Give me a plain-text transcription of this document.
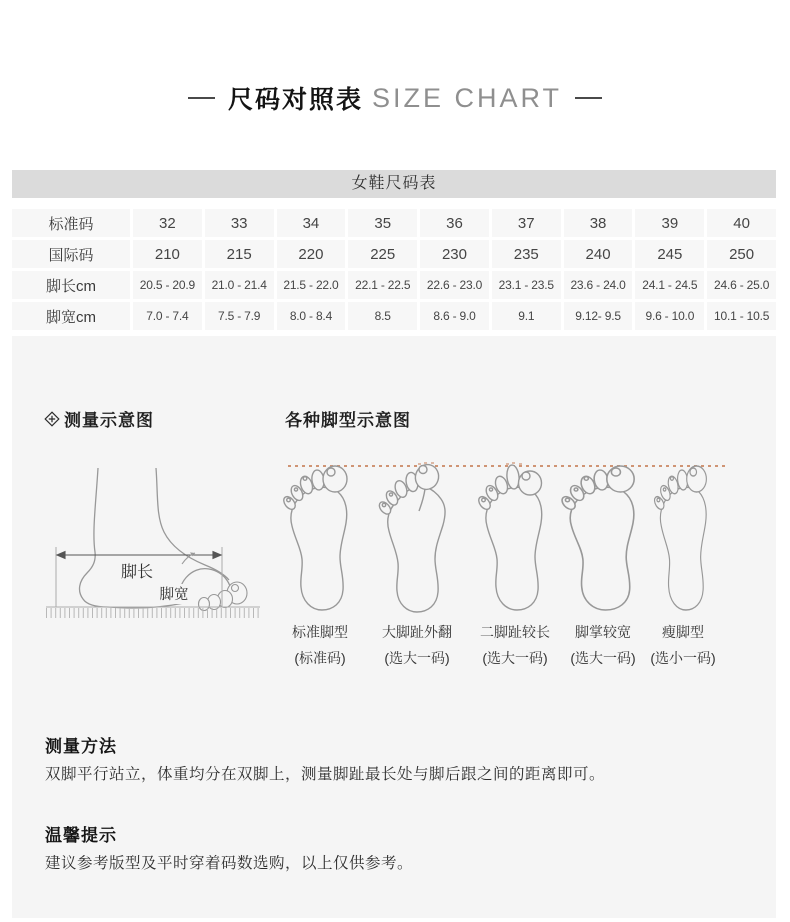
尺码对照表 SIZE CHART
女鞋尺码表
标准码	32	33	34	35	36	37	38	39	40
国际码	210	215	220	225	230	235	240	245	250
脚长cm	20.5 - 20.9	21.0 - 21.4	21.5 - 22.0	22.1 - 22.5	22.6 - 23.0	23.1 - 23.5	23.6 - 24.0	24.1 - 24.5	24.6 - 25.0
脚宽cm	7.0 - 7.4	7.5 - 7.9	8.0 - 8.4	8.5	8.6 - 9.0	9.1	9.12- 9.5	9.6 - 10.0	10.1 - 10.5
测量示意图	各种脚型示意图
脚长
脚宽
标准脚型
(标准码)
大脚趾外翻
(选大一码)
二脚趾较长
(选大一码)
脚掌较宽
(选大一码)
瘦脚型
(选小一码)
测量方法
双脚平行站立，体重均分在双脚上，测量脚趾最长处与脚后跟之间的距离即可。
温馨提示
建议参考版型及平时穿着码数选购，以上仅供参考。
